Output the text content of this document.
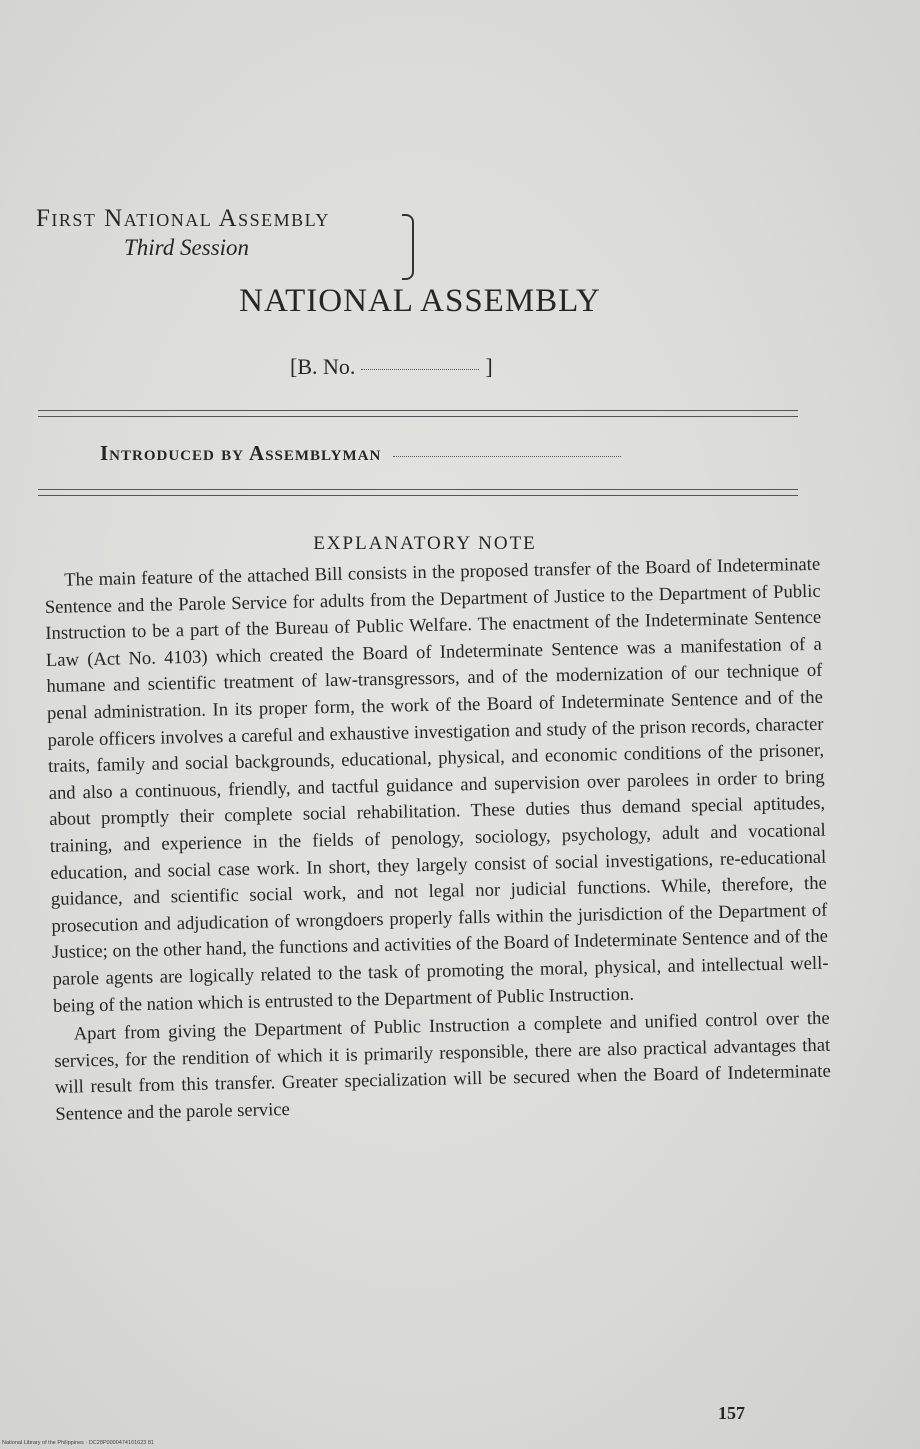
First National Assembly
Third Session
NATIONAL ASSEMBLY
[B. No.	]
Introduced by Assemblyman
EXPLANATORY NOTE

The main feature of the attached Bill consists in the proposed transfer of the Board of Indeterminate Sentence and the Parole Service for adults from the Department of Justice to the Department of Public Instruction to be a part of the Bureau of Public Welfare. The enactment of the Indeterminate Sentence Law (Act No. 4103) which created the Board of Indeterminate Sentence was a manifestation of a humane and scientific treatment of law-transgressors, and of the modernization of our technique of penal administration. In its proper form, the work of the Board of Indeterminate Sentence and of the parole officers involves a careful and exhaustive investigation and study of the prison records, character traits, family and social backgrounds, educational, physical, and economic conditions of the prisoner, and also a continuous, friendly, and tactful guidance and supervision over parolees in order to bring about promptly their complete social rehabilitation. These duties thus demand special aptitudes, training, and experience in the fields of penology, sociology, psychology, adult and vocational education, and social case work. In short, they largely consist of social investigations, re-educational guidance, and scientific social work, and not legal nor judicial functions. While, therefore, the prosecution and adjudication of wrongdoers properly falls within the jurisdiction of the Department of Justice; on the other hand, the functions and activities of the Board of Indeterminate Sentence and of the parole agents are logically related to the task of promoting the moral, physical, and intellectual well-being of the nation which is entrusted to the Department of Public Instruction.

Apart from giving the Department of Public Instruction a complete and unified control over the services, for the rendition of which it is primarily responsible, there are also practical advantages that will result from this transfer. Greater specialization will be secured when the Board of Indeterminate Sentence and the parole service

157
National Library of the Philippines · DC28P0000474101623 81
